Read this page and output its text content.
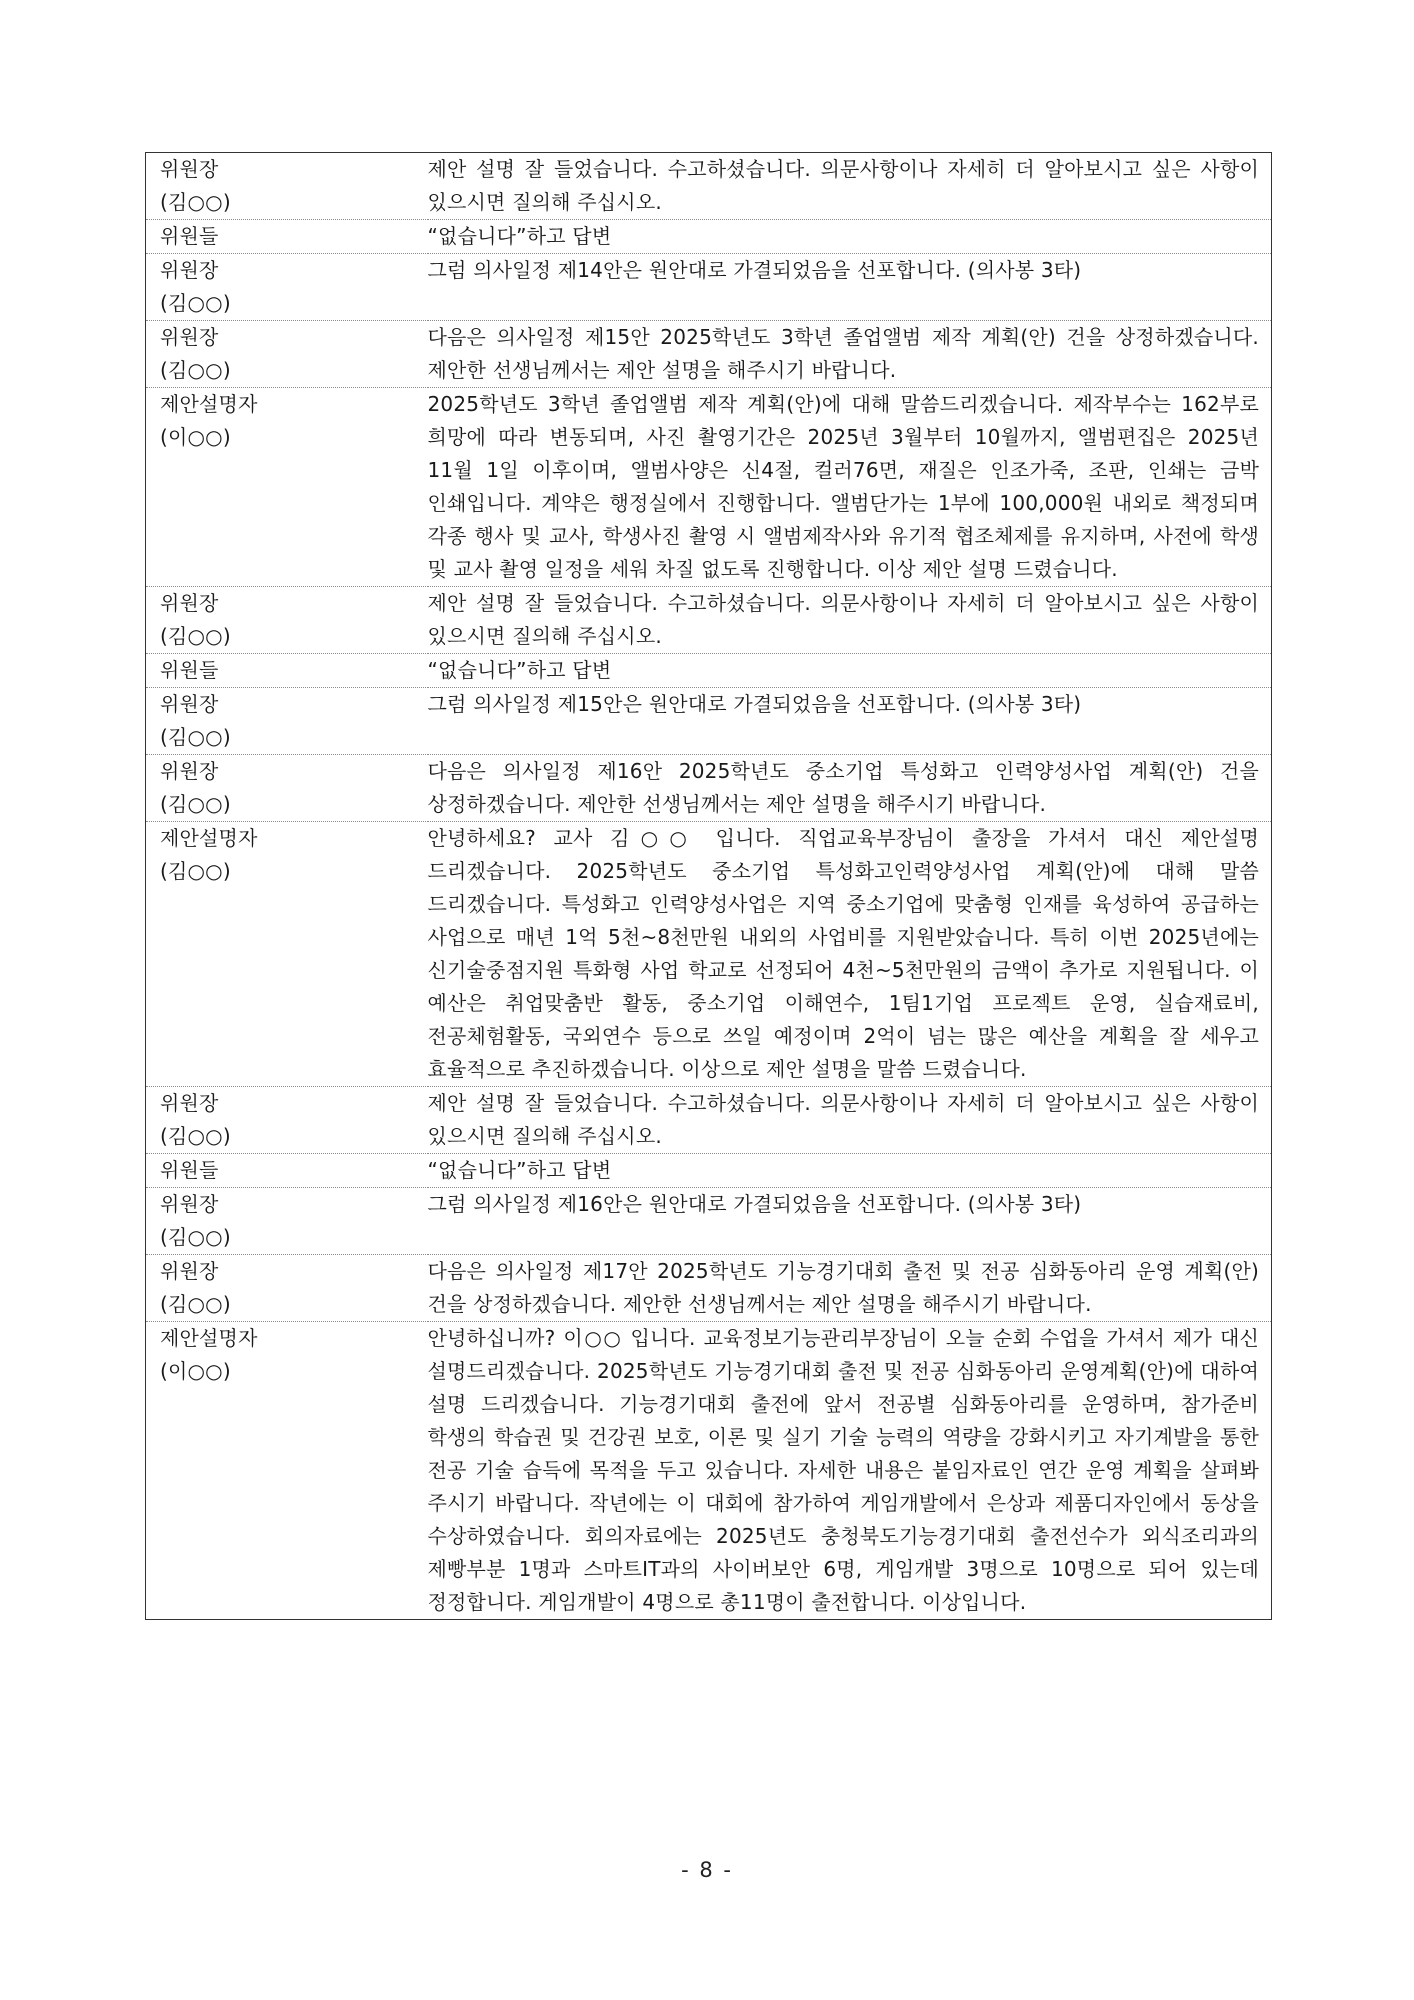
위원장
(김○○)	제안 설명 잘 들었습니다. 수고하셨습니다. 의문사항이나 자세히 더 알아보시고 싶은 사항이 있으시면 질의해 주십시오.

위원들	“없습니다”하고 답변

위원장
(김○○)	그럼 의사일정 제14안은 원안대로 가결되었음을 선포합니다. (의사봉 3타)

위원장
(김○○)	다음은 의사일정 제15안 2025학년도 3학년 졸업앨범 제작 계획(안) 건을 상정하겠습니다. 제안한 선생님께서는 제안 설명을 해주시기 바랍니다.

제안설명자
(이○○)	2025학년도 3학년 졸업앨범 제작 계획(안)에 대해 말씀드리겠습니다. 제작부수는 162부로 희망에 따라 변동되며, 사진 촬영기간은 2025년 3월부터 10월까지, 앨범편집은 2025년 11월 1일 이후이며, 앨범사양은 신4절, 컬러76면, 재질은 인조가죽, 조판, 인쇄는 금박 인쇄입니다. 계약은 행정실에서 진행합니다. 앨범단가는 1부에 100,000원 내외로 책정되며 각종 행사 및 교사, 학생사진 촬영 시 앨범제작사와 유기적 협조체제를 유지하며, 사전에 학생 및 교사 촬영 일정을 세워 차질 없도록 진행합니다. 이상 제안 설명 드렸습니다.

위원장
(김○○)	제안 설명 잘 들었습니다. 수고하셨습니다. 의문사항이나 자세히 더 알아보시고 싶은 사항이 있으시면 질의해 주십시오.

위원들	“없습니다”하고 답변

위원장
(김○○)	그럼 의사일정 제15안은 원안대로 가결되었음을 선포합니다. (의사봉 3타)

위원장
(김○○)	다음은 의사일정 제16안 2025학년도 중소기업 특성화고 인력양성사업 계획(안) 건을 상정하겠습니다. 제안한 선생님께서는 제안 설명을 해주시기 바랍니다.

제안설명자
(김○○)	안녕하세요? 교사 김○○ 입니다. 직업교육부장님이 출장을 가셔서 대신 제안설명 드리겠습니다. 2025학년도 중소기업 특성화고인력양성사업 계획(안)에 대해 말씀 드리겠습니다. 특성화고 인력양성사업은 지역 중소기업에 맞춤형 인재를 육성하여 공급하는 사업으로 매년 1억 5천~8천만원 내외의 사업비를 지원받았습니다. 특히 이번 2025년에는 신기술중점지원 특화형 사업 학교로 선정되어 4천~5천만원의 금액이 추가로 지원됩니다. 이 예산은 취업맞춤반 활동, 중소기업 이해연수, 1팀1기업 프로젝트 운영, 실습재료비, 전공체험활동, 국외연수 등으로 쓰일 예정이며 2억이 넘는 많은 예산을 계획을 잘 세우고 효율적으로 추진하겠습니다. 이상으로 제안 설명을 말씀 드렸습니다.

위원장
(김○○)	제안 설명 잘 들었습니다. 수고하셨습니다. 의문사항이나 자세히 더 알아보시고 싶은 사항이 있으시면 질의해 주십시오.

위원들	“없습니다”하고 답변

위원장
(김○○)	그럼 의사일정 제16안은 원안대로 가결되었음을 선포합니다. (의사봉 3타)

위원장
(김○○)	다음은 의사일정 제17안 2025학년도 기능경기대회 출전 및 전공 심화동아리 운영 계획(안) 건을 상정하겠습니다. 제안한 선생님께서는 제안 설명을 해주시기 바랍니다.

제안설명자
(이○○)	안녕하십니까? 이○○ 입니다. 교육정보기능관리부장님이 오늘 순회 수업을 가셔서 제가 대신 설명드리겠습니다. 2025학년도 기능경기대회 출전 및 전공 심화동아리 운영계획(안)에 대하여 설명 드리겠습니다. 기능경기대회 출전에 앞서 전공별 심화동아리를 운영하며, 참가준비 학생의 학습권 및 건강권 보호, 이론 및 실기 기술 능력의 역량을 강화시키고 자기계발을 통한 전공 기술 습득에 목적을 두고 있습니다. 자세한 내용은 붙임자료인 연간 운영 계획을 살펴봐 주시기 바랍니다. 작년에는 이 대회에 참가하여 게임개발에서 은상과 제품디자인에서 동상을 수상하였습니다. 회의자료에는 2025년도 충청북도기능경기대회 출전선수가 외식조리과의 제빵부분 1명과 스마트IT과의 사이버보안 6명, 게임개발 3명으로 10명으로 되어 있는데 정정합니다. 게임개발이 4명으로 총11명이 출전합니다. 이상입니다.
- 8 -
